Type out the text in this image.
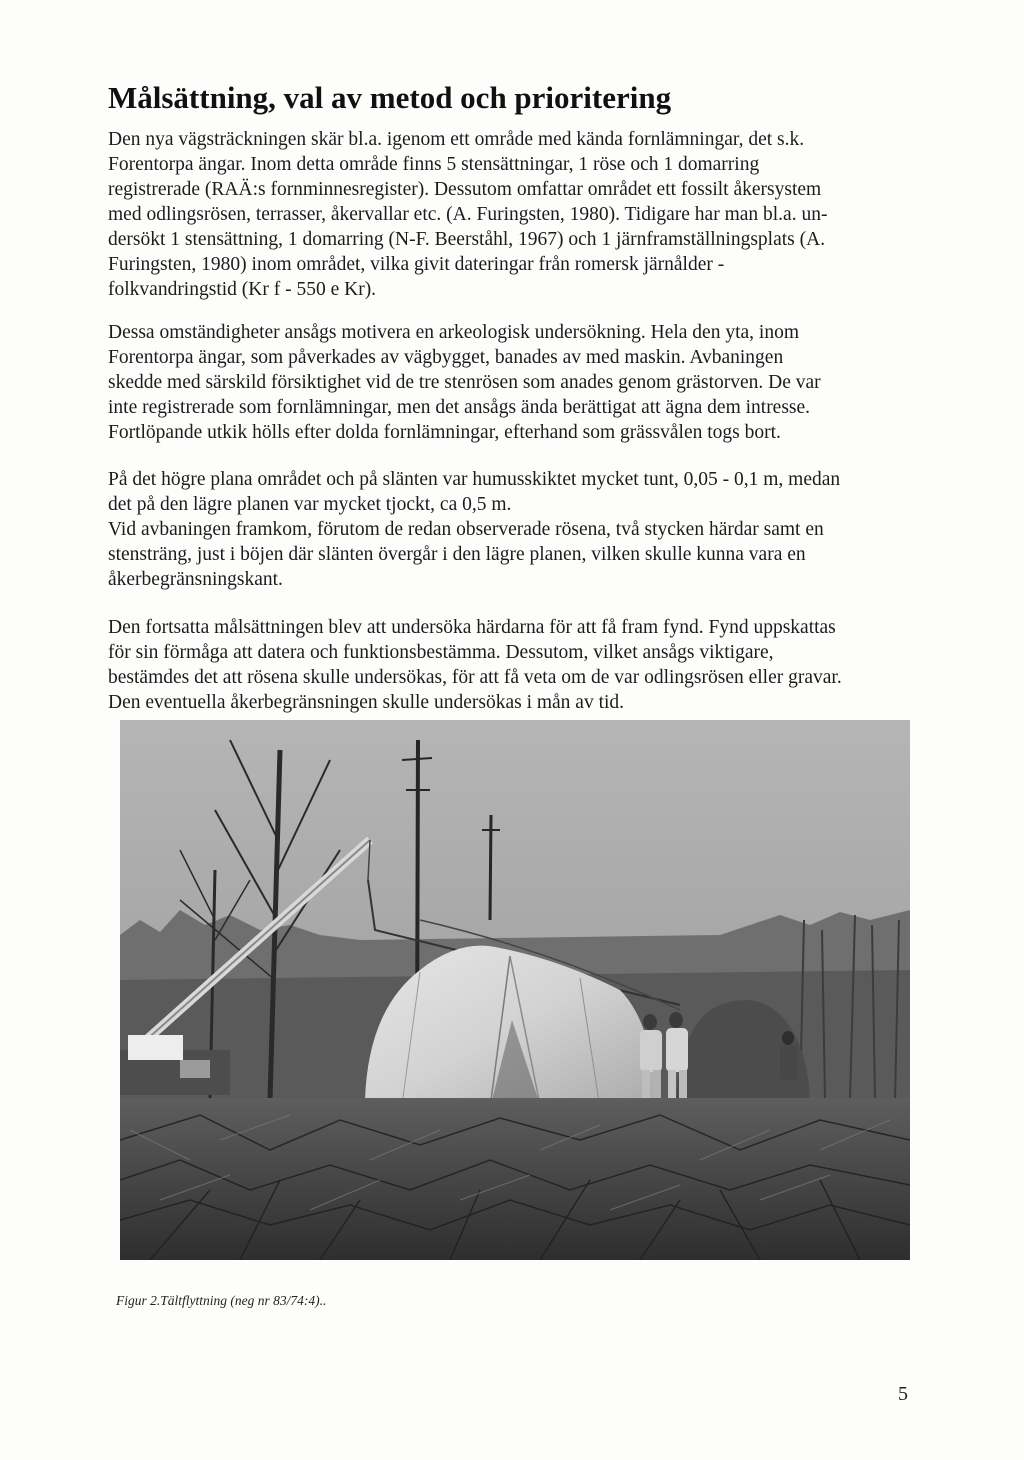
Målsättning, val av metod och prioritering

Den nya vägsträckningen skär bl.a. igenom ett område med kända fornlämningar, det s.k.
Forentorpa ängar. Inom detta område finns 5 stensättningar, 1 röse och 1 domarring
registrerade (RAÄ:s fornminnesregister). Dessutom omfattar området ett fossilt åkersystem
med odlingsrösen, terrasser, åkervallar etc. (A. Furingsten, 1980). Tidigare har man bl.a. un-
dersökt 1 stensättning, 1 domarring (N-F. Beerståhl, 1967) och 1 järnframställningsplats (A.
Furingsten, 1980) inom området, vilka givit dateringar från romersk järnålder -
folkvandringstid (Kr f - 550 e Kr).

Dessa omständigheter ansågs motivera en arkeologisk undersökning. Hela den yta, inom
Forentorpa ängar, som påverkades av vägbygget, banades av med maskin. Avbaningen
skedde med särskild försiktighet vid de tre stenrösen som anades genom grästorven. De var
inte registrerade som fornlämningar, men det ansågs ända berättigat att ägna dem intresse.
Fortlöpande utkik hölls efter dolda fornlämningar, efterhand som grässvålen togs bort.

På det högre plana området och på slänten var humusskiktet mycket tunt, 0,05 - 0,1 m, medan
det på den lägre planen var mycket tjockt, ca 0,5 m.
Vid avbaningen framkom, förutom de redan observerade rösena, två stycken härdar samt en
stensträng, just i böjen där slänten övergår i den lägre planen, vilken skulle kunna vara en
åkerbegränsningskant.

Den fortsatta målsättningen blev att undersöka härdarna för att få fram fynd. Fynd uppskattas
för sin förmåga att datera och funktionsbestämma. Dessutom, vilket ansågs viktigare,
bestämdes det att rösena skulle undersökas, för att få veta om de var odlingsrösen eller gravar.
Den eventuella åkerbegränsningen skulle undersökas i mån av tid.

Figur 2.Tältflyttning (neg nr 83/74:4)..

5
